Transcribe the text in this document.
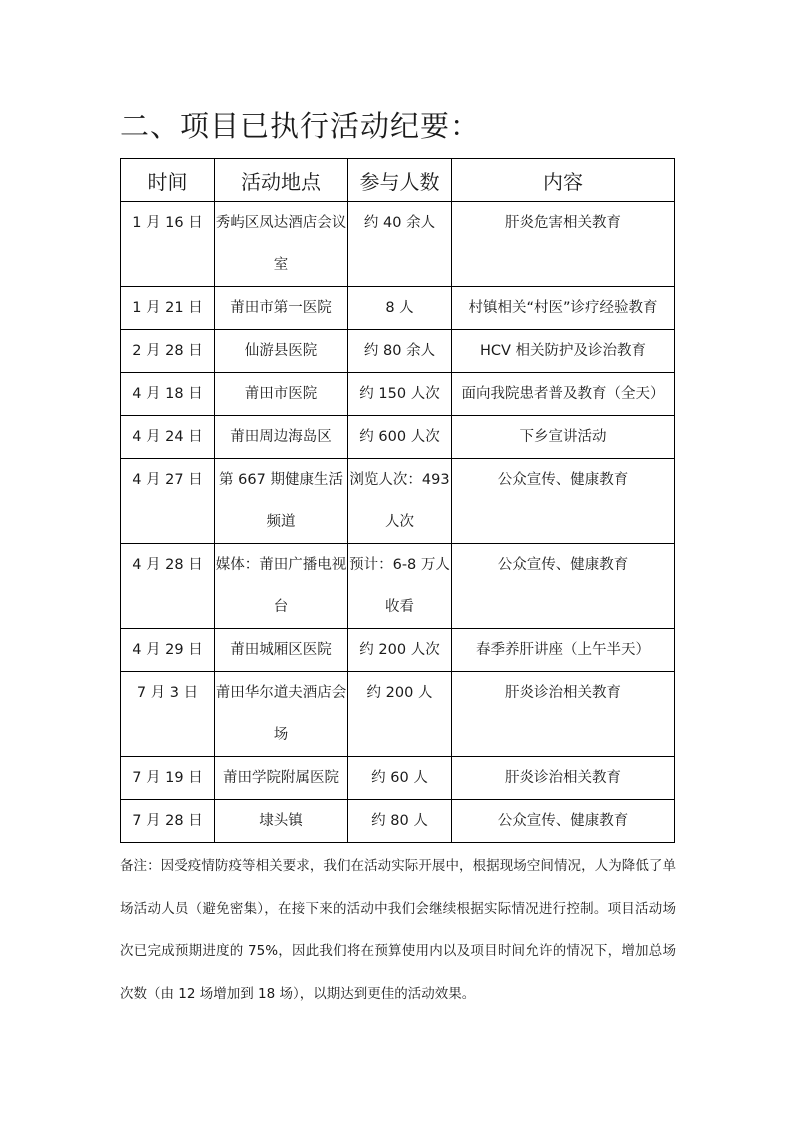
二、项目已执行活动纪要：
时间	活动地点	参与人数	内容
1 月 16 日	秀屿区凤达酒店会议室	约 40 余人	肝炎危害相关教育
1 月 21 日	莆田市第一医院	8 人	村镇相关“村医”诊疗经验教育
2 月 28 日	仙游县医院	约 80 余人	HCV 相关防护及诊治教育
4 月 18 日	莆田市医院	约 150 人次	面向我院患者普及教育（全天）
4 月 24 日	莆田周边海岛区	约 600 人次	下乡宣讲活动
4 月 27 日	第 667 期健康生活频道	浏览人次：493 人次	公众宣传、健康教育
4 月 28 日	媒体：莆田广播电视台	预计：6-8 万人收看	公众宣传、健康教育
4 月 29 日	莆田城厢区医院	约 200 人次	春季养肝讲座（上午半天）
7 月 3 日	莆田华尔道夫酒店会场	约 200 人	肝炎诊治相关教育
7 月 19 日	莆田学院附属医院	约 60 人	肝炎诊治相关教育
7 月 28 日	埭头镇	约 80 人	公众宣传、健康教育
备注：因受疫情防疫等相关要求，我们在活动实际开展中，根据现场空间情况，人为降低了单场活动人员（避免密集），在接下来的活动中我们会继续根据实际情况进行控制。项目活动场次已完成预期进度的 75%，因此我们将在预算使用内以及项目时间允许的情况下，增加总场次数（由 12 场增加到 18 场），以期达到更佳的活动效果。
